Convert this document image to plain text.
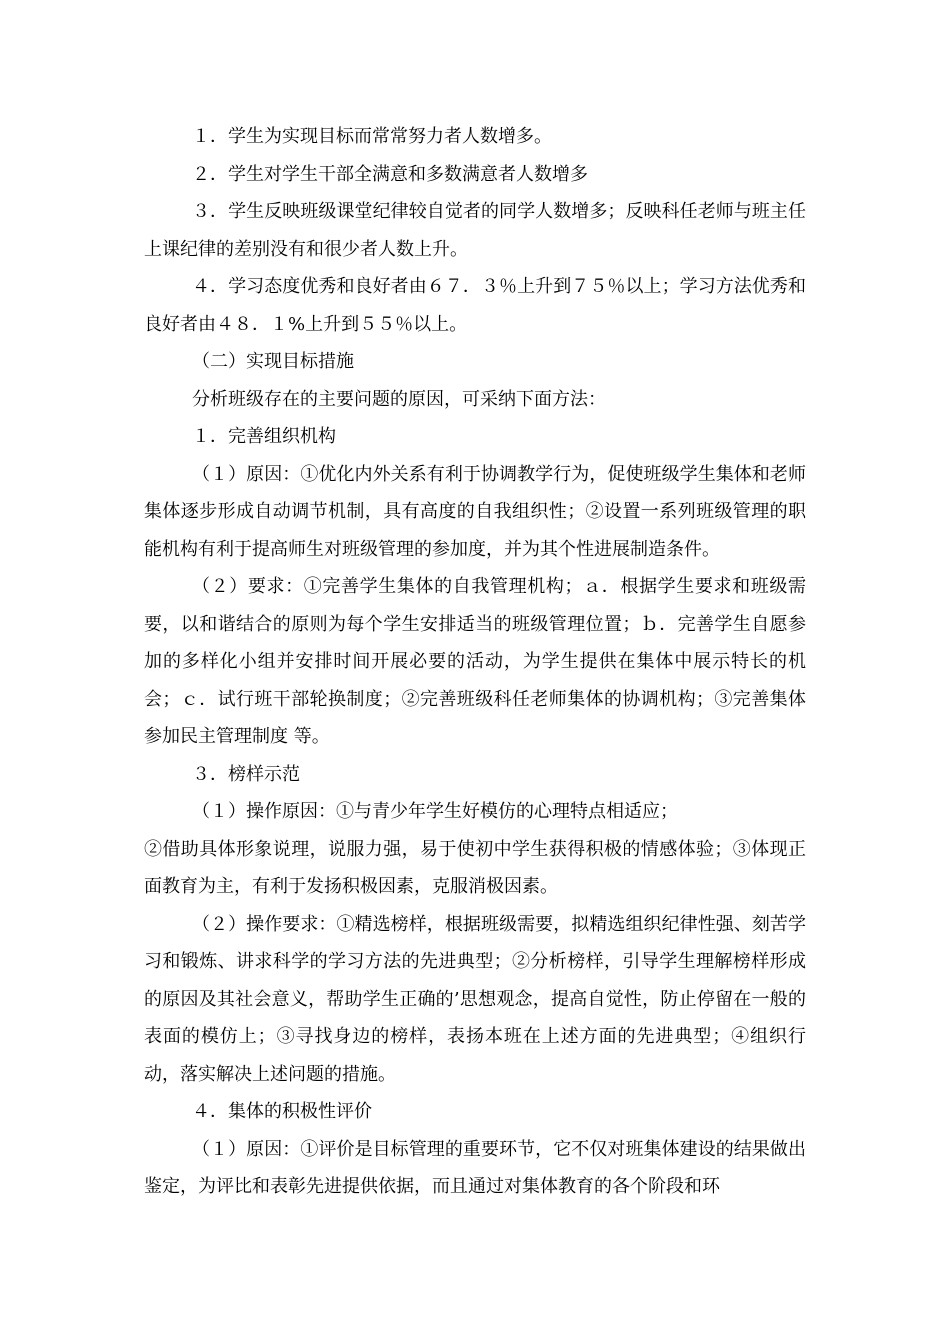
１．学生为实现目标而常常努力者人数增多。

２．学生对学生干部全满意和多数满意者人数增多

３．学生反映班级课堂纪律较自觉者的同学人数增多；反映科任老师与班主任上课纪律的差别没有和很少者人数上升。

４．学习态度优秀和良好者由６７．３％上升到７５％以上；学习方法优秀和良好者由４８．１%上升到５５％以上。

（二）实现目标措施

分析班级存在的主要问题的原因，可采纳下面方法：

１．完善组织机构

（１）原因：①优化内外关系有利于协调教学行为，促使班级学生集体和老师集体逐步形成自动调节机制，具有高度的自我组织性；②设置一系列班级管理的职能机构有利于提高师生对班级管理的参加度，并为其个性进展制造条件。

（２）要求：①完善学生集体的自我管理机构；ａ．根据学生要求和班级需要，以和谐结合的原则为每个学生安排适当的班级管理位置；ｂ．完善学生自愿参加的多样化小组并安排时间开展必要的活动，为学生提供在集体中展示特长的机会；ｃ．试行班干部轮换制度；②完善班级科任老师集体的协调机构；③完善集体参加民主管理制度 等。

３．榜样示范

（１）操作原因：①与青少年学生好模仿的心理特点相适应；

②借助具体形象说理，说服力强，易于使初中学生获得积极的情感体验；③体现正面教育为主，有利于发扬积极因素，克服消极因素。

（２）操作要求：①精选榜样，根据班级需要，拟精选组织纪律性强、刻苦学习和锻炼、讲求科学的学习方法的先进典型；②分析榜样，引导学生理解榜样形成的原因及其社会意义，帮助学生正确的’思想观念，提高自觉性，防止停留在一般的表面的模仿上；③寻找身边的榜样，表扬本班在上述方面的先进典型；④组织行动，落实解决上述问题的措施。

４．集体的积极性评价

（１）原因：①评价是目标管理的重要环节，它不仅对班集体建设的结果做出鉴定，为评比和表彰先进提供依据，而且通过对集体教育的各个阶段和环
